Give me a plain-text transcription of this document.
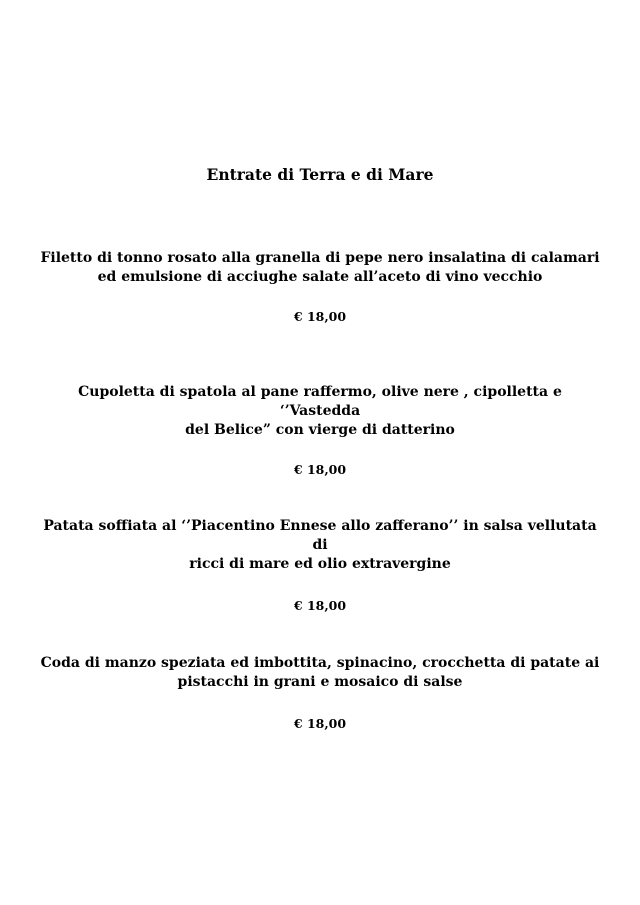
Entrate di Terra e di Mare

Filetto di tonno rosato alla granella di pepe nero insalatina di calamari
ed emulsione di acciughe salate all’aceto di vino vecchio

€ 18,00

Cupoletta di spatola al pane raffermo, olive nere , cipolletta e ‘’Vastedda
del Belice” con vierge di datterino

€ 18,00

Patata soffiata al ‘’Piacentino Ennese allo zafferano’’ in salsa vellutata di
ricci di mare ed olio extravergine

€ 18,00

Coda di manzo speziata ed imbottita, spinacino, crocchetta di patate ai
pistacchi in grani e mosaico di salse

€ 18,00
